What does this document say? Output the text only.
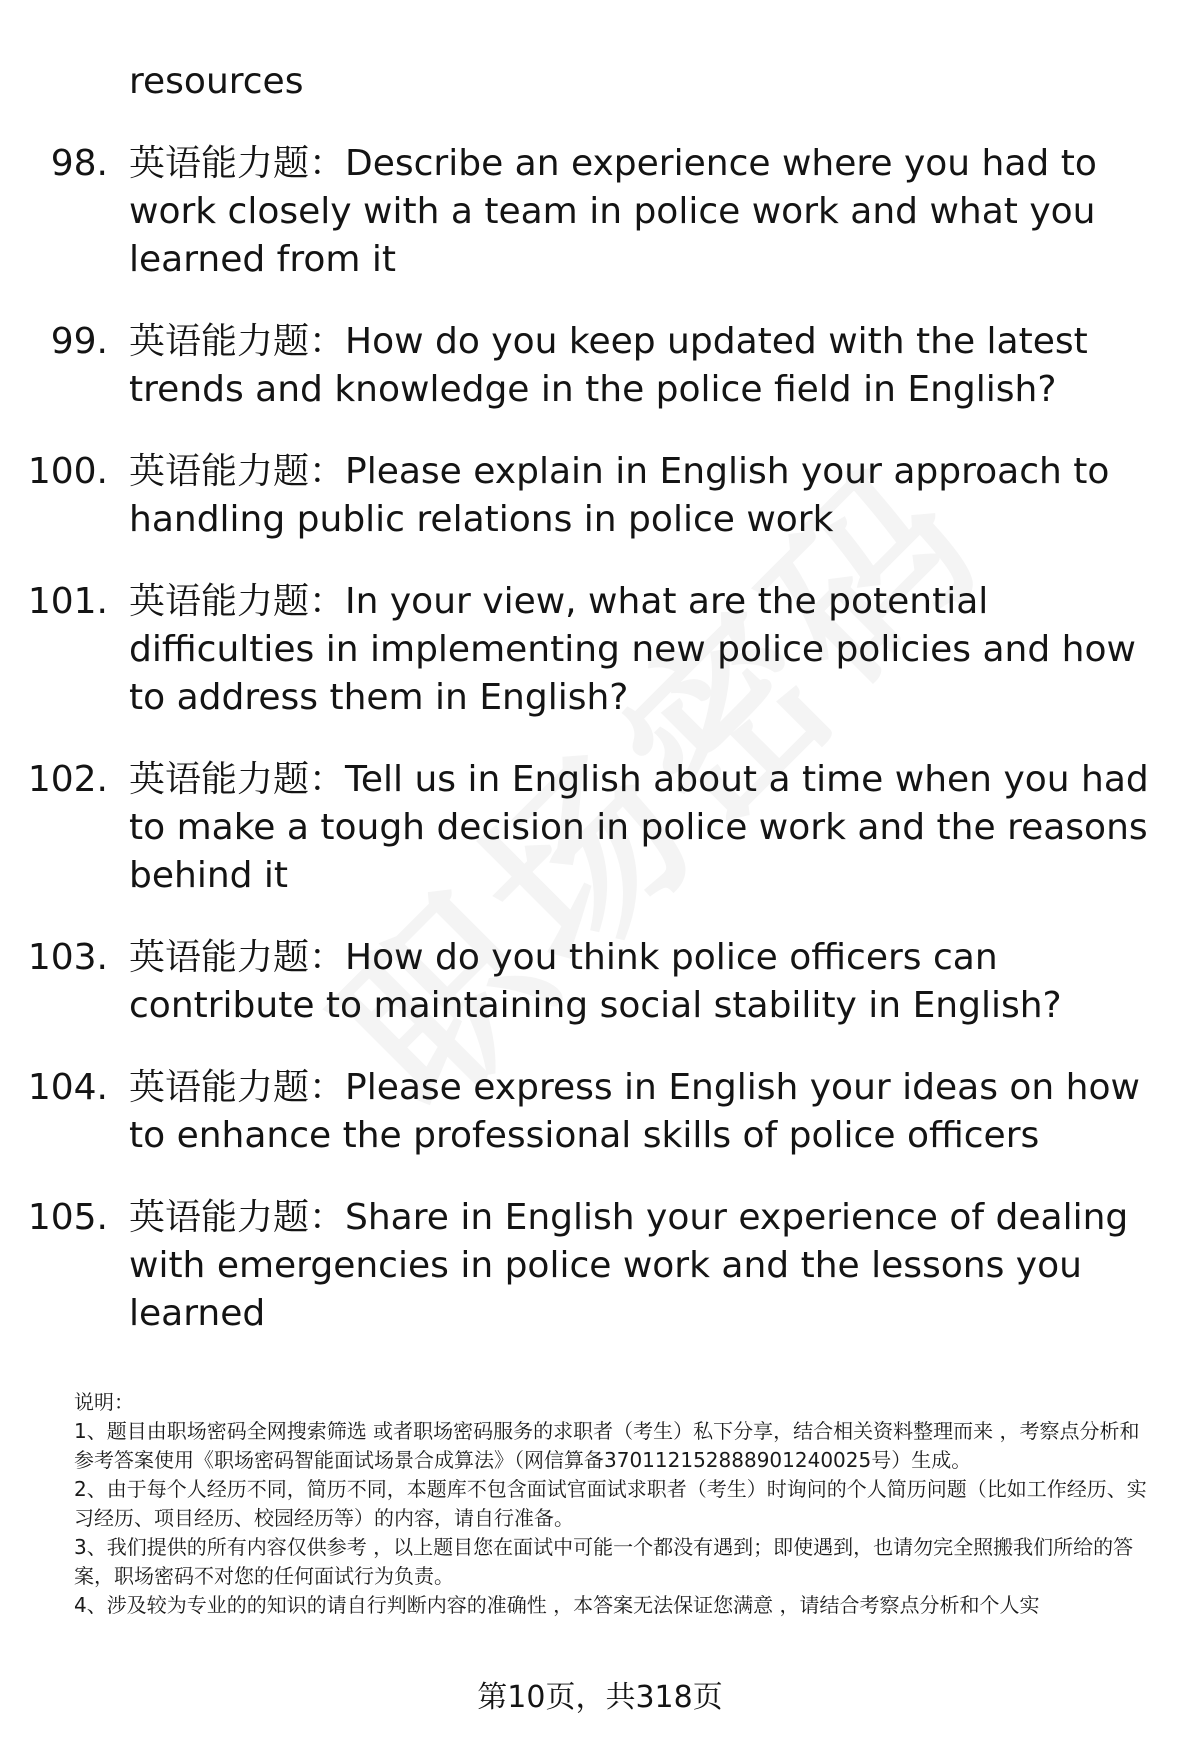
resources
98. 英语能力题：Describe an experience where you had to work closely with a team in police work and what you learned from it
99. 英语能力题：How do you keep updated with the latest trends and knowledge in the police field in English?
100. 英语能力题：Please explain in English your approach to handling public relations in police work
101. 英语能力题：In your view, what are the potential difficulties in implementing new police policies and how to address them in English?
102. 英语能力题：Tell us in English about a time when you had to make a tough decision in police work and the reasons behind it
103. 英语能力题：How do you think police officers can contribute to maintaining social stability in English?
104. 英语能力题：Please express in English your ideas on how to enhance the professional skills of police officers
105. 英语能力题：Share in English your experience of dealing with emergencies in police work and the lessons you learned

说明：

1、题目由职场密码全网搜索筛选 或者职场密码服务的求职者（考生）私下分享，结合相关资料整理而来 ，考察点分析和参考答案使用《职场密码智能面试场景合成算法》（网信算备370112152888901240025号）生成。

2、由于每个人经历不同，简历不同，本题库不包含面试官面试求职者（考生）时询问的个人简历问题（比如工作经历、实习经历、项目经历、校园经历等）的内容，请自行准备。

3、我们提供的所有内容仅供参考 ，以上题目您在面试中可能一个都没有遇到；即使遇到，也请勿完全照搬我们所给的答案，职场密码不对您的任何面试行为负责。

4、涉及较为专业的的知识的请自行判断内容的准确性 ，本答案无法保证您满意 ，请结合考察点分析和个人实

第10页，共318页
